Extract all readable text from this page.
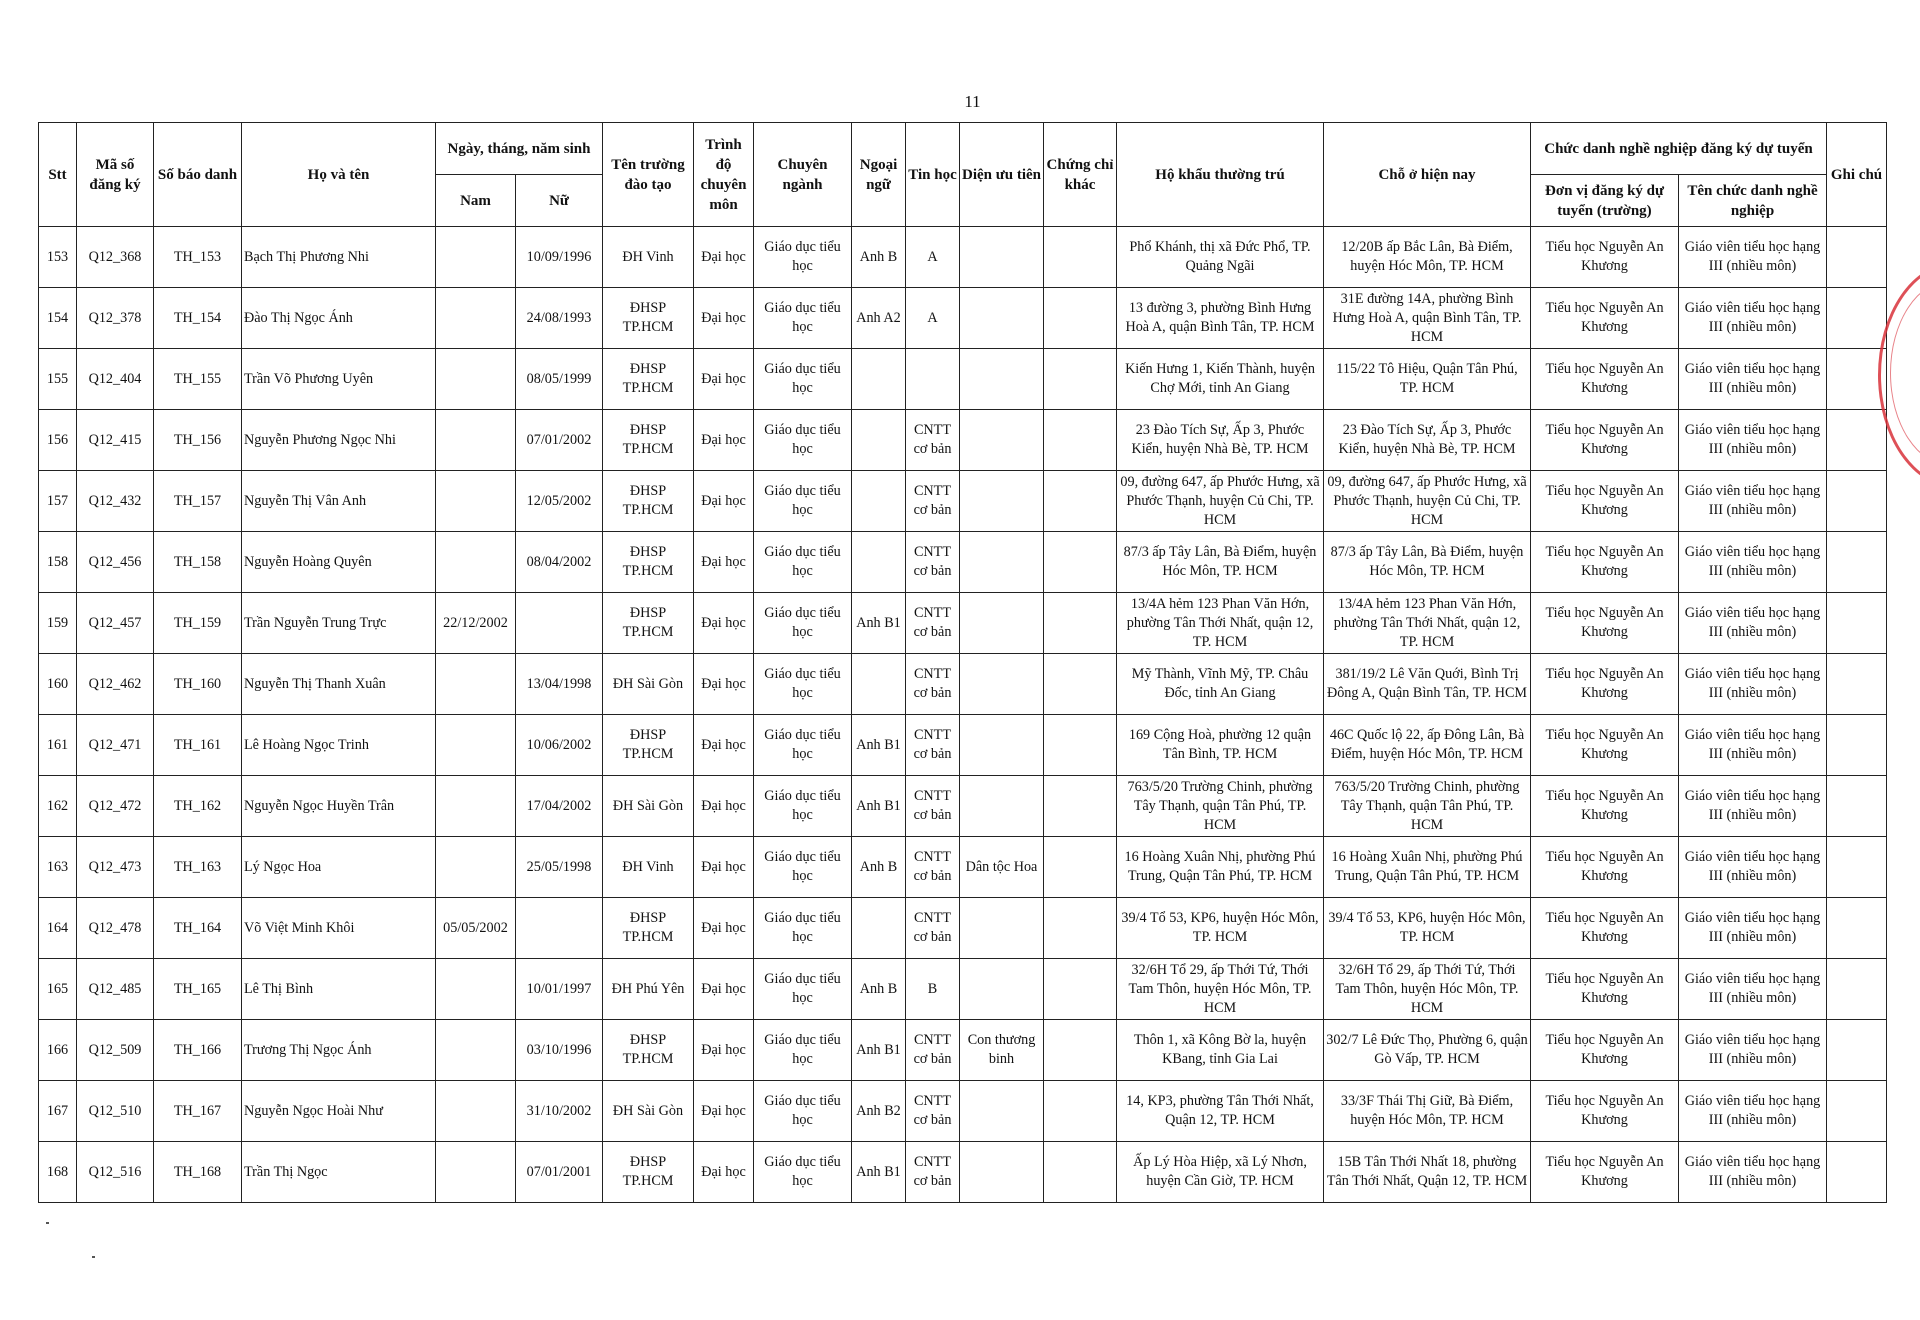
11
Stt	Mã số đăng ký	Số báo danh	Họ và tên	Ngày, tháng, năm sinh		Tên trường đào tạo	Trình độ chuyên môn	Chuyên ngành	Ngoại ngữ	Tin học	Diện ưu tiên	Chứng chỉ khác	Hộ khẩu thường trú	Chỗ ở hiện nay	Chức danh nghề nghiệp đăng ký dự tuyển		Ghi chú
				Nam	Nữ										Đơn vị đăng ký dự tuyển (trường)	Tên chức danh nghề nghiệp	
153	Q12_368	TH_153	Bạch Thị Phương Nhi		10/09/1996	ĐH Vinh	Đại học	Giáo dục tiểu học	Anh B	A			Phổ Khánh, thị xã Đức Phổ, TP. Quảng Ngãi	12/20B ấp Bắc Lân, Bà Điểm, huyện Hóc Môn, TP. HCM	Tiểu học Nguyễn An Khương	Giáo viên tiểu học hạng III (nhiều môn)	
154	Q12_378	TH_154	Đào Thị Ngọc Ánh		24/08/1993	ĐHSP TP.HCM	Đại học	Giáo dục tiểu học	Anh A2	A			13 đường 3, phường Bình Hưng Hoà A, quận Bình Tân, TP. HCM	31E đường 14A, phường Bình Hưng Hoà A, quận Bình Tân, TP. HCM	Tiểu học Nguyễn An Khương	Giáo viên tiểu học hạng III (nhiều môn)	
155	Q12_404	TH_155	Trần Võ Phương Uyên		08/05/1999	ĐHSP TP.HCM	Đại học	Giáo dục tiểu học					Kiến Hưng 1, Kiến Thành, huyện Chợ Mới, tỉnh An Giang	115/22 Tô Hiệu, Quận Tân Phú, TP. HCM	Tiểu học Nguyễn An Khương	Giáo viên tiểu học hạng III (nhiều môn)	
156	Q12_415	TH_156	Nguyễn Phương Ngọc Nhi		07/01/2002	ĐHSP TP.HCM	Đại học	Giáo dục tiểu học		CNTT cơ bản			23 Đào Tích Sự, Ấp 3, Phước Kiển, huyện Nhà Bè, TP. HCM	23 Đào Tích Sự, Ấp 3, Phước Kiển, huyện Nhà Bè, TP. HCM	Tiểu học Nguyễn An Khương	Giáo viên tiểu học hạng III (nhiều môn)	
157	Q12_432	TH_157	Nguyễn Thị Vân Anh		12/05/2002	ĐHSP TP.HCM	Đại học	Giáo dục tiểu học		CNTT cơ bản			09, đường 647, ấp Phước Hưng, xã Phước Thạnh, huyện Củ Chi, TP. HCM	09, đường 647, ấp Phước Hưng, xã Phước Thạnh, huyện Củ Chi, TP. HCM	Tiểu học Nguyễn An Khương	Giáo viên tiểu học hạng III (nhiều môn)	
158	Q12_456	TH_158	Nguyễn Hoàng Quyên		08/04/2002	ĐHSP TP.HCM	Đại học	Giáo dục tiểu học		CNTT cơ bản			87/3 ấp Tây Lân, Bà Điểm, huyện Hóc Môn, TP. HCM	87/3 ấp Tây Lân, Bà Điểm, huyện Hóc Môn, TP. HCM	Tiểu học Nguyễn An Khương	Giáo viên tiểu học hạng III (nhiều môn)	
159	Q12_457	TH_159	Trần Nguyễn Trung Trực	22/12/2002		ĐHSP TP.HCM	Đại học	Giáo dục tiểu học	Anh B1	CNTT cơ bản			13/4A hẻm 123 Phan Văn Hớn, phường Tân Thới Nhất, quận 12, TP. HCM	13/4A hẻm 123 Phan Văn Hớn, phường Tân Thới Nhất, quận 12, TP. HCM	Tiểu học Nguyễn An Khương	Giáo viên tiểu học hạng III (nhiều môn)	
160	Q12_462	TH_160	Nguyễn Thị Thanh Xuân		13/04/1998	ĐH Sài Gòn	Đại học	Giáo dục tiểu học		CNTT cơ bản			Mỹ Thành, Vĩnh Mỹ, TP. Châu Đốc, tỉnh An Giang	381/19/2 Lê Văn Quới, Bình Trị Đông A, Quận Bình Tân, TP. HCM	Tiểu học Nguyễn An Khương	Giáo viên tiểu học hạng III (nhiều môn)	
161	Q12_471	TH_161	Lê Hoàng Ngọc Trinh		10/06/2002	ĐHSP TP.HCM	Đại học	Giáo dục tiểu học	Anh B1	CNTT cơ bản			169 Cộng Hoà, phường 12 quận Tân Bình, TP. HCM	46C Quốc lộ 22, ấp Đông Lân, Bà Điểm, huyện Hóc Môn, TP. HCM	Tiểu học Nguyễn An Khương	Giáo viên tiểu học hạng III (nhiều môn)	
162	Q12_472	TH_162	Nguyễn Ngọc Huyền Trân		17/04/2002	ĐH Sài Gòn	Đại học	Giáo dục tiểu học	Anh B1	CNTT cơ bản			763/5/20 Trường Chinh, phường Tây Thạnh, quận Tân Phú, TP. HCM	763/5/20 Trường Chinh, phường Tây Thạnh, quận Tân Phú, TP. HCM	Tiểu học Nguyễn An Khương	Giáo viên tiểu học hạng III (nhiều môn)	
163	Q12_473	TH_163	Lý Ngọc Hoa		25/05/1998	ĐH Vinh	Đại học	Giáo dục tiểu học	Anh B	CNTT cơ bản	Dân tộc Hoa		16 Hoàng Xuân Nhị, phường Phú Trung, Quận Tân Phú, TP. HCM	16 Hoàng Xuân Nhị, phường Phú Trung, Quận Tân Phú, TP. HCM	Tiểu học Nguyễn An Khương	Giáo viên tiểu học hạng III (nhiều môn)	
164	Q12_478	TH_164	Võ Việt Minh Khôi	05/05/2002		ĐHSP TP.HCM	Đại học	Giáo dục tiểu học		CNTT cơ bản			39/4 Tổ 53, KP6, huyện Hóc Môn, TP. HCM	39/4 Tổ 53, KP6, huyện Hóc Môn, TP. HCM	Tiểu học Nguyễn An Khương	Giáo viên tiểu học hạng III (nhiều môn)	
165	Q12_485	TH_165	Lê Thị Bình		10/01/1997	ĐH Phú Yên	Đại học	Giáo dục tiểu học	Anh B	B			32/6H Tổ 29, ấp Thới Tứ, Thới Tam Thôn, huyện Hóc Môn, TP. HCM	32/6H Tổ 29, ấp Thới Tứ, Thới Tam Thôn, huyện Hóc Môn, TP. HCM	Tiểu học Nguyễn An Khương	Giáo viên tiểu học hạng III (nhiều môn)	
166	Q12_509	TH_166	Trương Thị Ngọc Ánh		03/10/1996	ĐHSP TP.HCM	Đại học	Giáo dục tiểu học	Anh B1	CNTT cơ bản	Con thương binh		Thôn 1, xã Kông Bờ la, huyện KBang, tỉnh Gia Lai	302/7 Lê Đức Thọ, Phường 6, quận Gò Vấp, TP. HCM	Tiểu học Nguyễn An Khương	Giáo viên tiểu học hạng III (nhiều môn)	
167	Q12_510	TH_167	Nguyễn Ngọc Hoài Như		31/10/2002	ĐH Sài Gòn	Đại học	Giáo dục tiểu học	Anh B2	CNTT cơ bản			14, KP3, phường Tân Thới Nhất, Quận 12, TP. HCM	33/3F Thái Thị Giữ, Bà Điểm, huyện Hóc Môn, TP. HCM	Tiểu học Nguyễn An Khương	Giáo viên tiểu học hạng III (nhiều môn)	
168	Q12_516	TH_168	Trần Thị Ngọc		07/01/2001	ĐHSP TP.HCM	Đại học	Giáo dục tiểu học	Anh B1	CNTT cơ bản			Ấp Lý Hòa Hiệp, xã Lý Nhơn, huyện Cần Giờ, TP. HCM	15B Tân Thới Nhất 18, phường Tân Thới Nhất, Quận 12, TP. HCM	Tiểu học Nguyễn An Khương	Giáo viên tiểu học hạng III (nhiều môn)	
